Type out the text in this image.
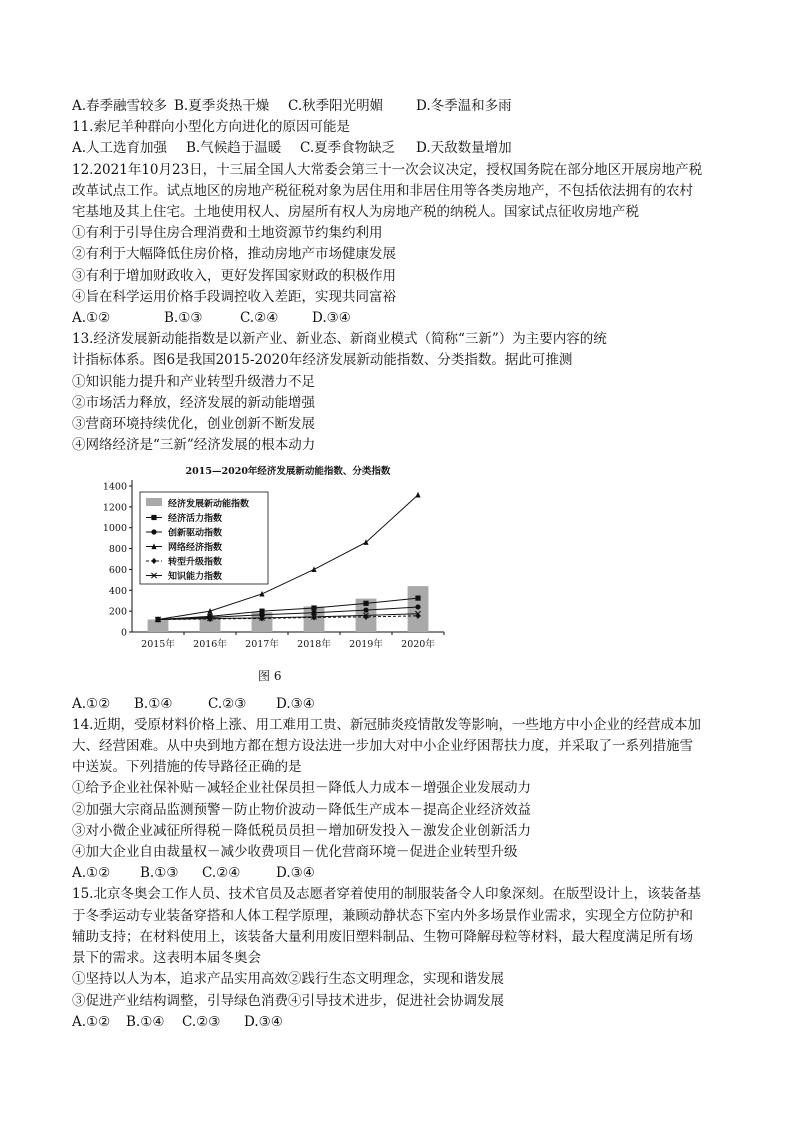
A.春季融雪较多 B.夏季炎热干燥 C.秋季阳光明媚 D.冬季温和多雨
11.索尼羊种群向小型化方向进化的原因可能是
A.人工选育加强 B.气候趋于温暖 C.夏季食物缺乏 D.天敌数量增加
12.2021年10月23日，十三届全国人大常委会第三十一次会议决定，授权国务院在部分地区开展房地产税
改革试点工作。试点地区的房地产税征税对象为居住用和非居住用等各类房地产，不包括依法拥有的农村
宅基地及其上住宅。土地使用权人、房屋所有权人为房地产税的纳税人。国家试点征收房地产税
①有利于引导住房合理消费和土地资源节约集约利用
②有利于大幅降低住房价格，推动房地产市场健康发展
③有利于增加财政收入，更好发挥国家财政的积极作用
④旨在科学运用价格手段调控收入差距，实现共同富裕
A.①②	B.①③	C.②④ D.③④
13.经济发展新动能指数是以新产业、新业态、新商业模式（简称“三新”）为主要内容的统
计指标体系。图6是我国2015-2020年经济发展新动能指数、分类指数。据此可推测
①知识能力提升和产业转型升级潜力不足
②市场活力释放，经济发展的新动能增强
③营商环境持续优化，创业创新不断发展
④网络经济是“三新”经济发展的根本动力
2015—2020年经济发展新动能指数、分类指数
0
200
400
600
800
1000
1200
1400
2015年 2016年 2017年 2018年 2019年 2020年
经济发展新动能指数
经济活力指数
创新驱动指数
网络经济指数
转型升级指数
知识能力指数
图 6
A.①② B.①④	C.②③ D.③④
14.近期，受原材料价格上涨、用工难用工贵、新冠肺炎疫情散发等影响，一些地方中小企业的经营成本加
大、经营困难。从中央到地方都在想方设法进一步加大对中小企业纾困帮扶力度，并采取了一系列措施雪
中送炭。下列措施的传导路径正确的是
①给予企业社保补贴－减轻企业社保员担－降低人力成本－增强企业发展动力
②加强大宗商品监测预警－防止物价波动－降低生产成本－提高企业经济效益
③对小微企业减征所得税－降低税员员担－增加研发投入－激发企业创新活力
④加大企业自由裁量权－减少收费项目－优化营商环境－促进企业转型升级
A.①② B.①③ C.②④	D.③④
15.北京冬奥会工作人员、技术官员及志愿者穿着使用的制服装备令人印象深刻。在版型设计上，该装备基
于冬季运动专业装备穿搭和人体工程学原理，兼顾动静状态下室内外多场景作业需求，实现全方位防护和
辅助支持；在材料使用上，该装备大量利用废旧塑料制品、生物可降解母粒等材料，最大程度满足所有场
景下的需求。这表明本届冬奥会
①坚持以人为本，追求产品实用高效②践行生态文明理念，实现和谐发展
③促进产业结构调整，引导绿色消费④引导技术进步，促进社会协调发展
A.①② B.①④ C.②③ D.③④
